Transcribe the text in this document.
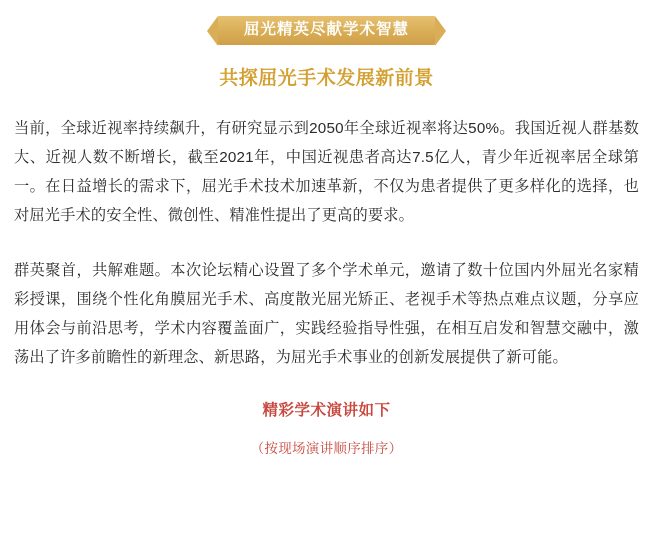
屈光精英尽献学术智慧
共探屈光手术发展新前景

当前，全球近视率持续飙升，有研究显示到2050年全球近视率将达50%。我国近视人群基数大、近视人数不断增长，截至2021年，中国近视患者高达7.5亿人，青少年近视率居全球第一。在日益增长的需求下，屈光手术技术加速革新，不仅为患者提供了更多样化的选择，也对屈光手术的安全性、微创性、精准性提出了更高的要求。

群英聚首，共解难题。本次论坛精心设置了多个学术单元，邀请了数十位国内外屈光名家精彩授课，围绕个性化角膜屈光手术、高度散光屈光矫正、老视手术等热点难点议题，分享应用体会与前沿思考，学术内容覆盖面广，实践经验指导性强，在相互启发和智慧交融中，激荡出了许多前瞻性的新理念、新思路，为屈光手术事业的创新发展提供了新可能。

精彩学术演讲如下
（按现场演讲顺序排序）
